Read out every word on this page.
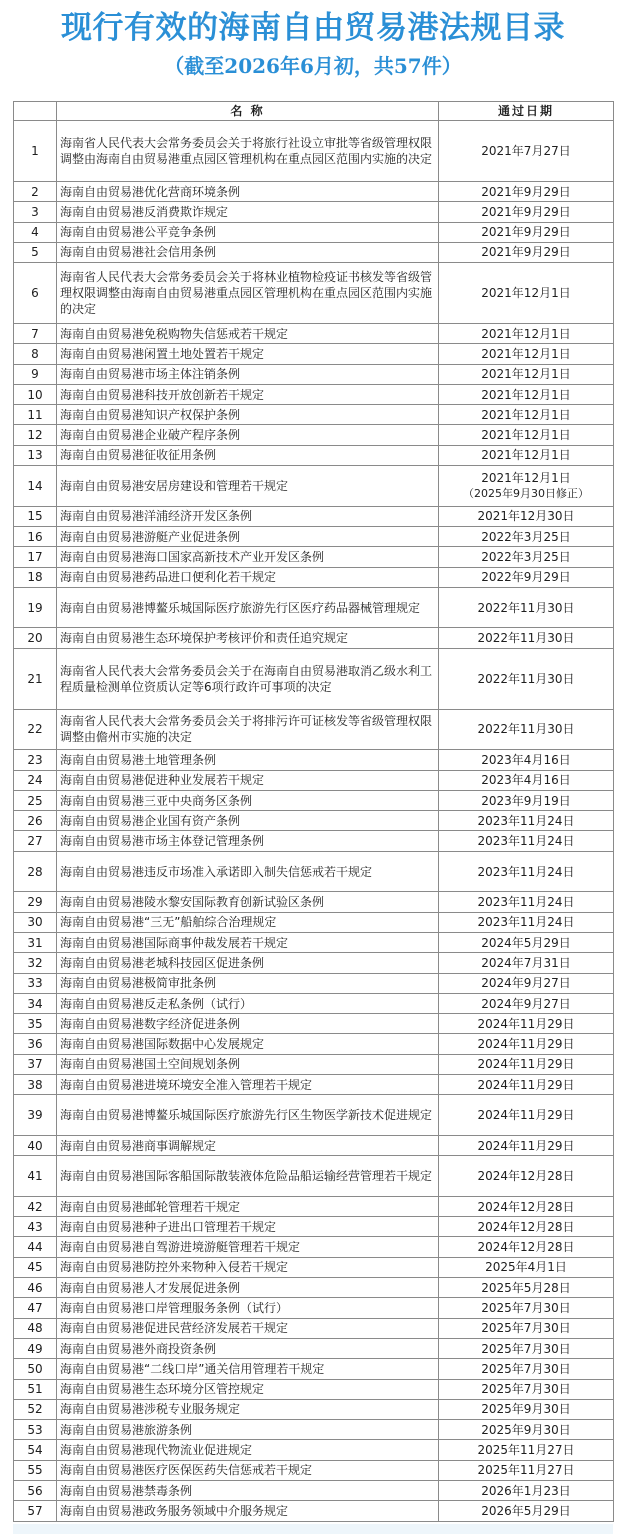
现行有效的海南自由贸易港法规目录
（截至2026年6月初，共57件）
	名 称	通过日期
1	海南省人民代表大会常务委员会关于将旅行社设立审批等省级管理权限调整由海南自由贸易港重点园区管理机构在重点园区范围内实施的决定	2021年7月27日

2	海南自由贸易港优化营商环境条例	2021年9月29日

3	海南自由贸易港反消费欺诈规定	2021年9月29日

4	海南自由贸易港公平竞争条例	2021年9月29日

5	海南自由贸易港社会信用条例	2021年9月29日

6	海南省人民代表大会常务委员会关于将林业植物检疫证书核发等省级管理权限调整由海南自由贸易港重点园区管理机构在重点园区范围内实施的决定	2021年12月1日

7	海南自由贸易港免税购物失信惩戒若干规定	2021年12月1日

8	海南自由贸易港闲置土地处置若干规定	2021年12月1日

9	海南自由贸易港市场主体注销条例	2021年12月1日

10	海南自由贸易港科技开放创新若干规定	2021年12月1日

11	海南自由贸易港知识产权保护条例	2021年12月1日

12	海南自由贸易港企业破产程序条例	2021年12月1日

13	海南自由贸易港征收征用条例	2021年12月1日

14	海南自由贸易港安居房建设和管理若干规定	2021年12月1日
（2025年9月30日修正）

15	海南自由贸易港洋浦经济开发区条例	2021年12月30日

16	海南自由贸易港游艇产业促进条例	2022年3月25日

17	海南自由贸易港海口国家高新技术产业开发区条例	2022年3月25日

18	海南自由贸易港药品进口便利化若干规定	2022年9月29日

19	海南自由贸易港博鳌乐城国际医疗旅游先行区医疗药品器械管理规定	2022年11月30日

20	海南自由贸易港生态环境保护考核评价和责任追究规定	2022年11月30日

21	海南省人民代表大会常务委员会关于在海南自由贸易港取消乙级水利工程质量检测单位资质认定等6项行政许可事项的决定	2022年11月30日

22	海南省人民代表大会常务委员会关于将排污许可证核发等省级管理权限调整由儋州市实施的决定	2022年11月30日

23	海南自由贸易港土地管理条例	2023年4月16日

24	海南自由贸易港促进种业发展若干规定	2023年4月16日

25	海南自由贸易港三亚中央商务区条例	2023年9月19日

26	海南自由贸易港企业国有资产条例	2023年11月24日

27	海南自由贸易港市场主体登记管理条例	2023年11月24日

28	海南自由贸易港违反市场准入承诺即入制失信惩戒若干规定	2023年11月24日

29	海南自由贸易港陵水黎安国际教育创新试验区条例	2023年11月24日

30	海南自由贸易港“三无”船舶综合治理规定	2023年11月24日

31	海南自由贸易港国际商事仲裁发展若干规定	2024年5月29日

32	海南自由贸易港老城科技园区促进条例	2024年7月31日

33	海南自由贸易港极简审批条例	2024年9月27日

34	海南自由贸易港反走私条例（试行）	2024年9月27日

35	海南自由贸易港数字经济促进条例	2024年11月29日

36	海南自由贸易港国际数据中心发展规定	2024年11月29日

37	海南自由贸易港国土空间规划条例	2024年11月29日

38	海南自由贸易港进境环境安全准入管理若干规定	2024年11月29日

39	海南自由贸易港博鳌乐城国际医疗旅游先行区生物医学新技术促进规定	2024年11月29日

40	海南自由贸易港商事调解规定	2024年11月29日

41	海南自由贸易港国际客船国际散装液体危险品船运输经营管理若干规定	2024年12月28日

42	海南自由贸易港邮轮管理若干规定	2024年12月28日

43	海南自由贸易港种子进出口管理若干规定	2024年12月28日

44	海南自由贸易港自驾游进境游艇管理若干规定	2024年12月28日

45	海南自由贸易港防控外来物种入侵若干规定	2025年4月1日

46	海南自由贸易港人才发展促进条例	2025年5月28日

47	海南自由贸易港口岸管理服务条例（试行）	2025年7月30日

48	海南自由贸易港促进民营经济发展若干规定	2025年7月30日

49	海南自由贸易港外商投资条例	2025年7月30日

50	海南自由贸易港“二线口岸”通关信用管理若干规定	2025年7月30日

51	海南自由贸易港生态环境分区管控规定	2025年7月30日

52	海南自由贸易港涉税专业服务规定	2025年9月30日

53	海南自由贸易港旅游条例	2025年9月30日

54	海南自由贸易港现代物流业促进规定	2025年11月27日

55	海南自由贸易港医疗医保医药失信惩戒若干规定	2025年11月27日

56	海南自由贸易港禁毒条例	2026年1月23日

57	海南自由贸易港政务服务领域中介服务规定	2026年5月29日
